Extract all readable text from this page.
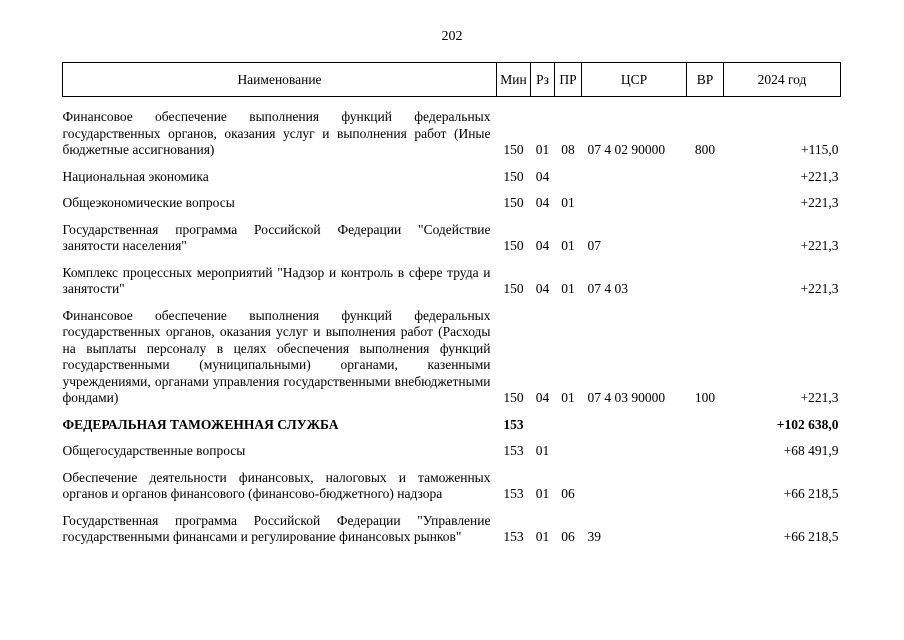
202
Наименование	Мин	Рз	ПР	ЦСР	ВР	2024 год
Финансовое обеспечение выполнения функций федеральных государственных органов, оказания услуг и выполнения работ (Иные бюджетные ассигнования)	150	01	08	07 4 02 90000	800	+115,0
Национальная экономика	150	04				+221,3
Общеэкономические вопросы	150	04	01			+221,3
Государственная программа Российской Федерации "Содействие занятости населения"	150	04	01	07		+221,3
Комплекс процессных мероприятий "Надзор и контроль в сфере труда и занятости"	150	04	01	07 4 03		+221,3
Финансовое обеспечение выполнения функций федеральных государственных органов, оказания услуг и выполнения работ (Расходы на выплаты персоналу в целях обеспечения выполнения функций государственными (муниципальными) органами, казенными учреждениями, органами управления государственными внебюджетными фондами)	150	04	01	07 4 03 90000	100	+221,3
ФЕДЕРАЛЬНАЯ ТАМОЖЕННАЯ СЛУЖБА	153					+102 638,0
Общегосударственные вопросы	153	01				+68 491,9
Обеспечение деятельности финансовых, налоговых и таможенных органов и органов финансового (финансово-бюджетного) надзора	153	01	06			+66 218,5
Государственная программа Российской Федерации "Управление государственными финансами и регулирование финансовых рынков"	153	01	06	39		+66 218,5
